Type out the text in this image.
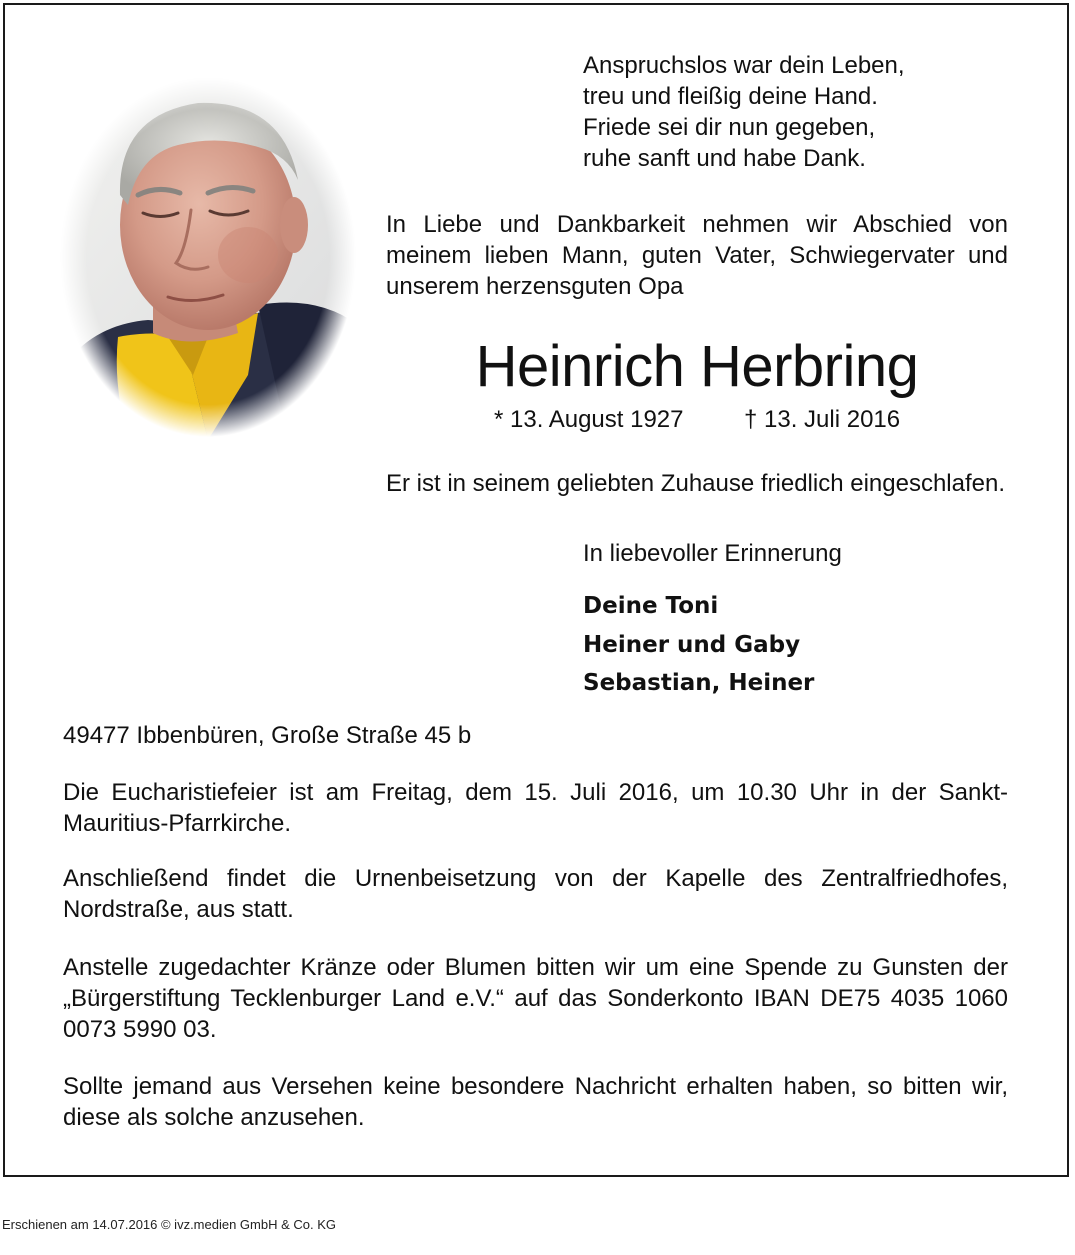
Anspruchslos war dein Leben,
treu und fleißig deine Hand.
Friede sei dir nun gegeben,
ruhe sanft und habe Dank.
In Liebe und Dankbarkeit nehmen wir Abschied von meinem lieben Mann, guten Vater, Schwiegervater und unserem herzensguten Opa
Heinrich Herbring
* 13. August 1927	† 13. Juli 2016
Er ist in seinem geliebten Zuhause friedlich eingeschlafen.
In liebevoller Erinnerung
Deine Toni
Heiner und Gaby
Sebastian, Heiner
49477 Ibbenbüren, Große Straße 45 b
Die Eucharistiefeier ist am Freitag, dem 15. Juli 2016, um 10.30 Uhr in der Sankt-Mauritius-Pfarrkirche.
Anschließend findet die Urnenbeisetzung von der Kapelle des Zentralfriedhofes, Nordstraße, aus statt.
Anstelle zugedachter Kränze oder Blumen bitten wir um eine Spende zu Gunsten der „Bürgerstiftung Tecklenburger Land e.V.“ auf das Sonderkonto IBAN DE75 4035 1060 0073 5990 03.
Sollte jemand aus Versehen keine besondere Nachricht erhalten haben, so bitten wir, diese als solche anzusehen.
Erschienen am 14.07.2016 © ivz.medien GmbH & Co. KG
